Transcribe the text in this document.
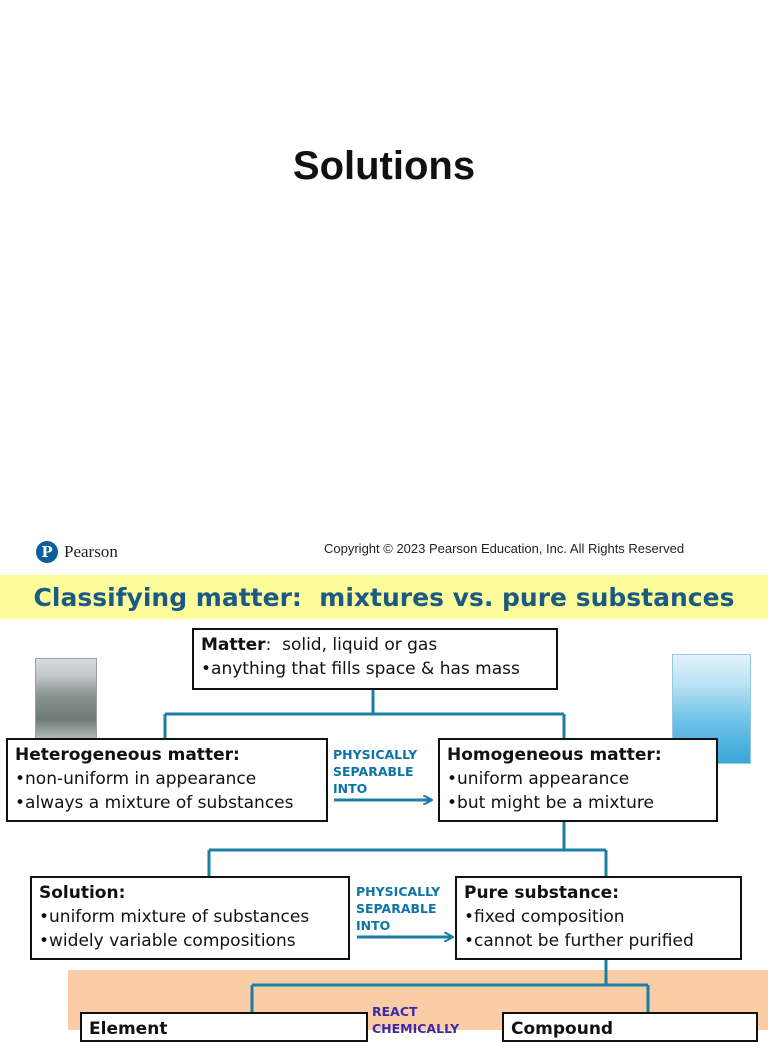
Solutions
P Pearson	Copyright © 2023 Pearson Education, Inc. All Rights Reserved
Classifying matter:  mixtures vs. pure substances
Matter:  solid, liquid or gas
•anything that fills space & has mass
Heterogeneous matter:
•non-uniform in appearance
•always a mixture of substances
PHYSICALLY
SEPARABLE
INTO
Homogeneous matter:
•uniform appearance
•but might be a mixture
Solution:
•uniform mixture of substances
•widely variable compositions
PHYSICALLY
SEPARABLE
INTO
Pure substance:
•fixed composition
•cannot be further purified
Element
REACT
CHEMICALLY	Compound
